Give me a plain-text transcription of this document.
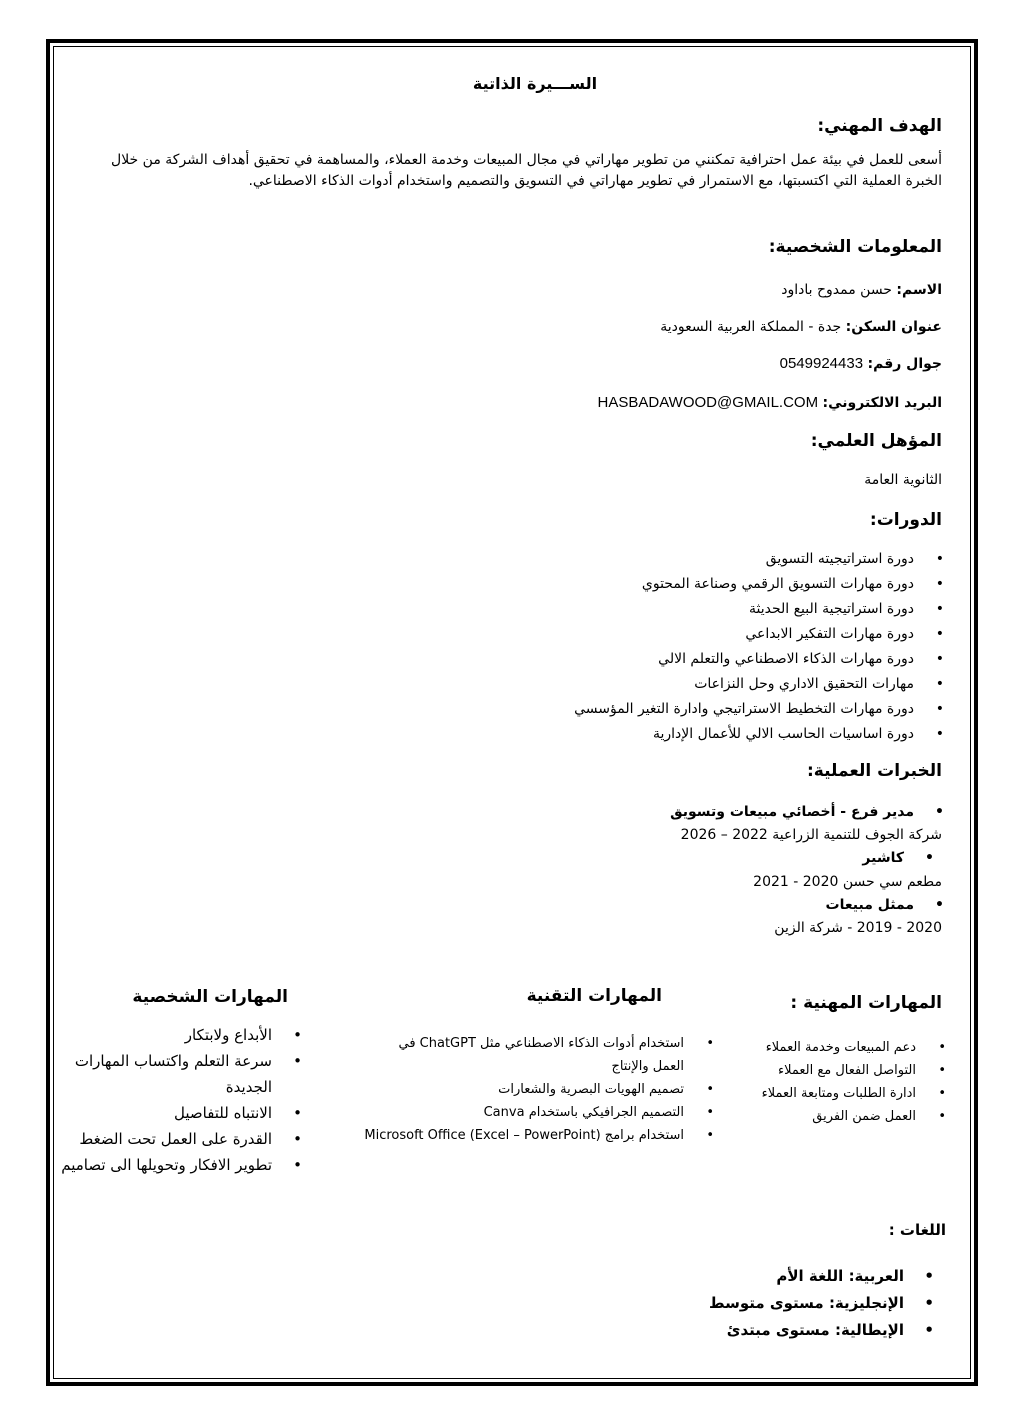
الســـيرة الذاتية
الهدف المهني:
أسعى للعمل في بيئة عمل احترافية تمكنني من تطوير مهاراتي في مجال المبيعات وخدمة العملاء، والمساهمة في تحقيق أهداف الشركة من خلال الخبرة العملية التي اكتسبتها، مع الاستمرار في تطوير مهاراتي في التسويق والتصميم واستخدام أدوات الذكاء الاصطناعي.
المعلومات الشخصية:
الاسم: حسن ممدوح باداود
عنوان السكن: جدة - المملكة العربية السعودية
جوال رقم: 0549924433
البريد الالكتروني: HASBADAWOOD@GMAIL.COM
المؤهل العلمي:
الثانوية العامة
الدورات:
• دورة استراتيجيته التسويق
• دورة مهارات التسويق الرقمي وصناعة المحتوي
• دورة استراتيجية البيع الحديثة
• دورة مهارات التفكير الابداعي
• دورة مهارات الذكاء الاصطناعي والتعلم الالي
• مهارات التحقيق الاداري وحل النزاعات
• دورة مهارات التخطيط الاستراتيجي وادارة التغير المؤسسي
• دورة اساسيات الحاسب الالي للأعمال الإدارية
الخبرات العملية:
• مدير فرع - أخصائي مبيعات وتسويق
شركة الجوف للتنمية الزراعية 2022 – 2026
• كاشير
مطعم سي حسن 2020 - 2021
• ممثل مبيعات
2020 - 2019 - شركة الزين
المهارات المهنية :
• دعم المبيعات وخدمة العملاء
• التواصل الفعال مع العملاء
• ادارة الطلبات ومتابعة العملاء
• العمل ضمن الفريق
المهارات التقنية
• استخدام أدوات الذكاء الاصطناعي مثل ChatGPT في العمل والإنتاج
• تصميم الهويات البصرية والشعارات
• التصميم الجرافيكي باستخدام Canva
• استخدام برامج Microsoft Office (Excel – PowerPoint)
المهارات الشخصية
• الأبداع ولابتكار
• سرعة التعلم واكتساب المهارات الجديدة
• الانتباه للتفاصيل
• القدرة على العمل تحت الضغط
• تطوير الافكار وتحويلها الى تصاميم
اللغات :
• العربية: اللغة الأم
• الإنجليزية: مستوى متوسط
• الإيطالية: مستوى مبتدئ
